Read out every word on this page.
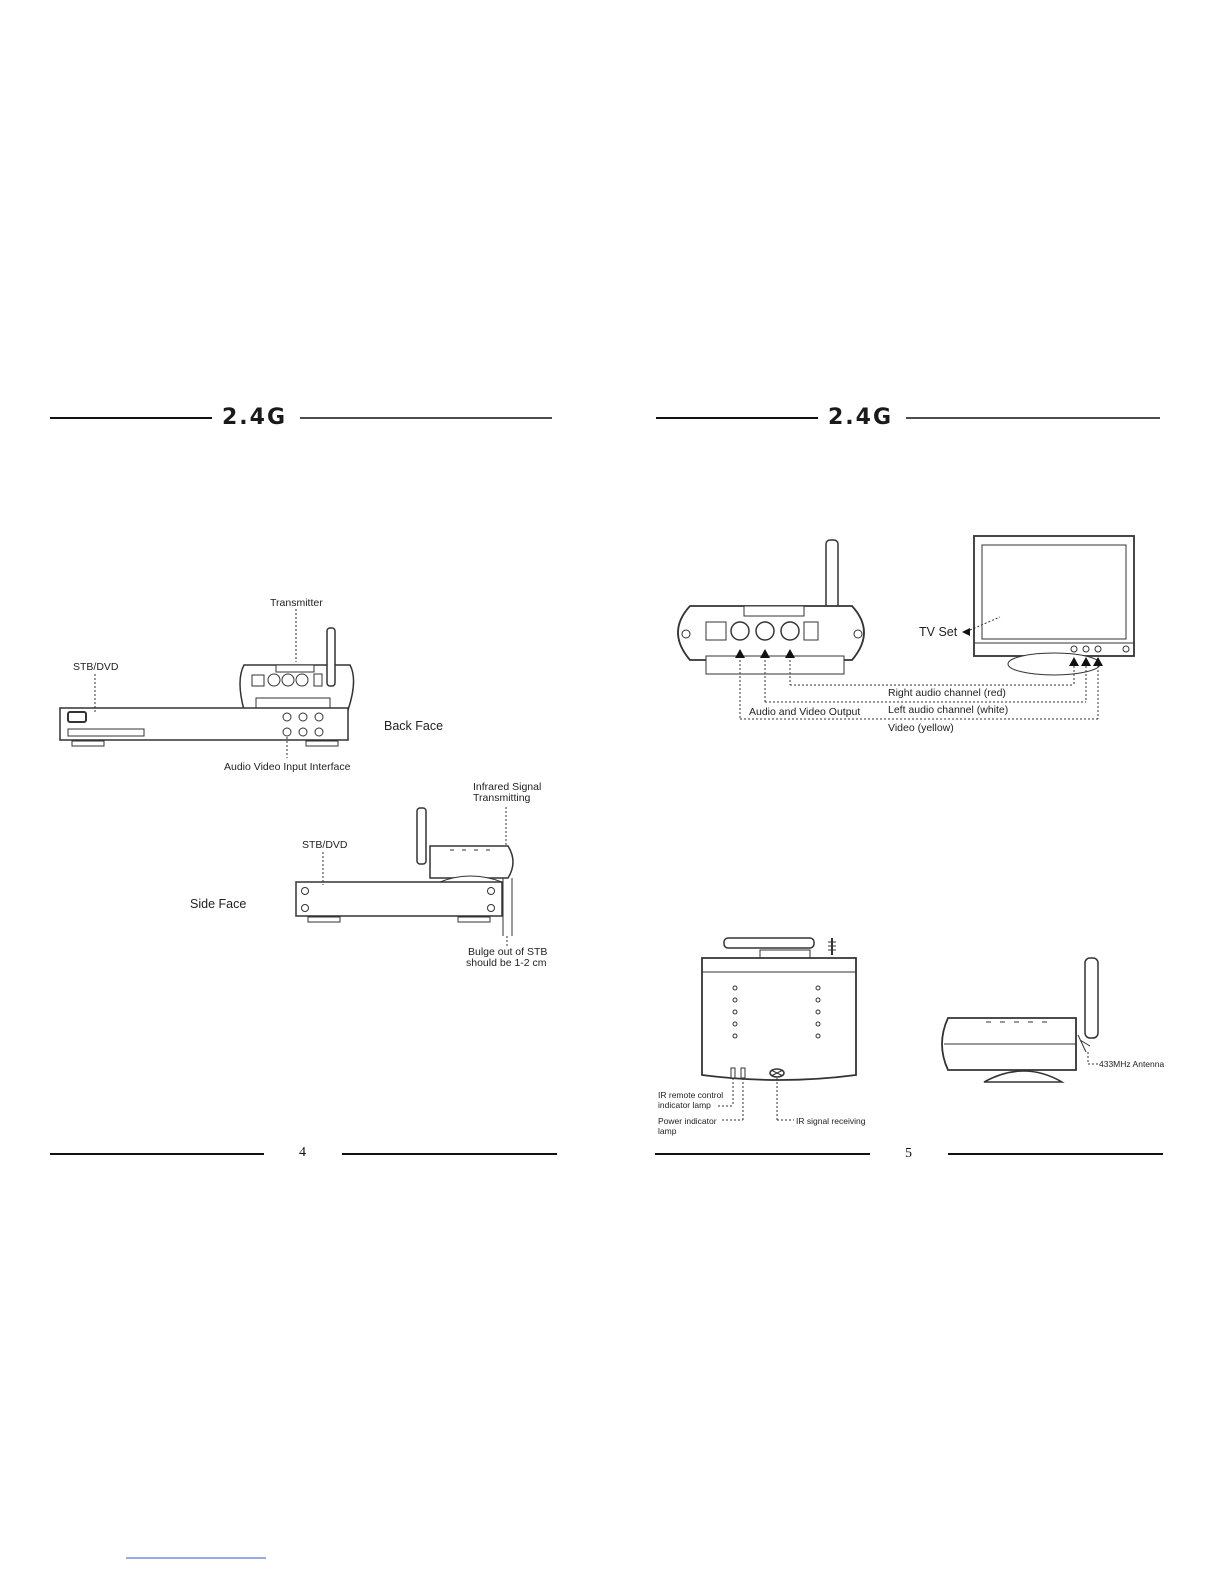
2.4G
Transmitter
STB/DVD
Back Face
Audio Video Input Interface
Infrared Signal
Transmitting
STB/DVD
Side Face
Bulge out of STB
should be 1-2 cm
4
2.4G
TV Set
Right audio channel (red)
Audio and Video Output	Left audio channel (white)
Video (yellow)
IR remote control
indicator lamp
Power indicator
lamp
IR signal receiving
433MHz Antenna
5
